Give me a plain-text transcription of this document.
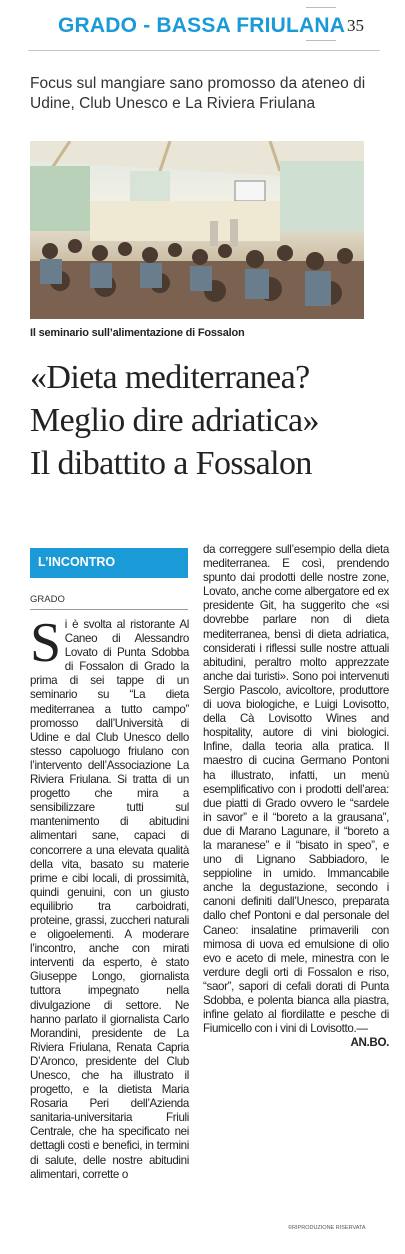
GRADO - BASSA FRIULANA 35
Focus sul mangiare sano promosso da ateneo di Udine, Club Unesco e La Riviera Friulana
Il seminario sull’alimentazione di Fossalon
«Dieta mediterranea?
Meglio dire adriatica»
Il dibattito a Fossalon
L’INCONTRO
GRADO
Si è svolta al ristorante Al Caneo di Alessandro Lovato di Punta Sdobba di Fossalon di Grado la prima di sei tappe di un seminario su “La dieta mediterranea a tutto campo” promosso dall’Università di Udine e dal Club Unesco dello stesso capoluogo friulano con l’intervento dell’Associazione La Riviera Friulana. Si tratta di un progetto che mira a sensibilizzare tutti sul mantenimento di abitudini alimentari sane, capaci di concorrere a una elevata qualità della vita, basato su materie prime e cibi locali, di prossimità, quindi genuini, con un giusto equilibrio tra carboidrati, proteine, grassi, zuccheri naturali e oligoelementi. A moderare l’incontro, anche con mirati interventi da esperto, è stato Giuseppe Longo, giornalista tuttora impegnato nella divulgazione di settore. Ne hanno parlato il giornalista Carlo Morandini, presidente de La Riviera Friulana, Renata Capria D’Aronco, presidente del Club Unesco, che ha illustrato il progetto, e la dietista Maria Rosaria Peri dell’Azienda sanitaria-universitaria Friuli Centrale, che ha specificato nei dettagli costi e benefici, in termini di salute, delle nostre abitudini alimentari, corrette o
da correggere sull’esempio della dieta mediterranea. E così, prendendo spunto dai prodotti delle nostre zone, Lovato, anche come albergatore ed ex presidente Git, ha suggerito che «si dovrebbe parlare non di dieta mediterranea, bensì di dieta adriatica, considerati i riflessi sulle nostre attuali abitudini, peraltro molto apprezzate anche dai turisti». Sono poi intervenuti Sergio Pascolo, avicoltore, produttore di uova biologiche, e Luigi Lovisotto, della Cà Lovisotto Wines and hospitality, autore di vini biologici. Infine, dalla teoria alla pratica. Il maestro di cucina Germano Pontoni ha illustrato, infatti, un menù esemplificativo con i prodotti dell’area: due piatti di Grado ovvero le “sardele in savor” e il “boreto a la grausana”, due di Marano Lagunare, il “boreto a la maranese” e il “bisato in speo”, e uno di Lignano Sabbiadoro, le seppioline in umido. Immancabile anche la degustazione, secondo i canoni definiti dall’Unesco, preparata dallo chef Pontoni e dal personale del Caneo: insalatine primaverili con mimosa di uova ed emulsione di olio evo e aceto di mele, minestra con le verdure degli orti di Fossalon e riso, “saor”, sapori di cefali dorati di Punta Sdobba, e polenta bianca alla piastra, infine gelato al fiordilatte e pesche di Fiumicello con i vini di Lovisotto.—
AN.BO.
©RIPRODUZIONE RISERVATA
